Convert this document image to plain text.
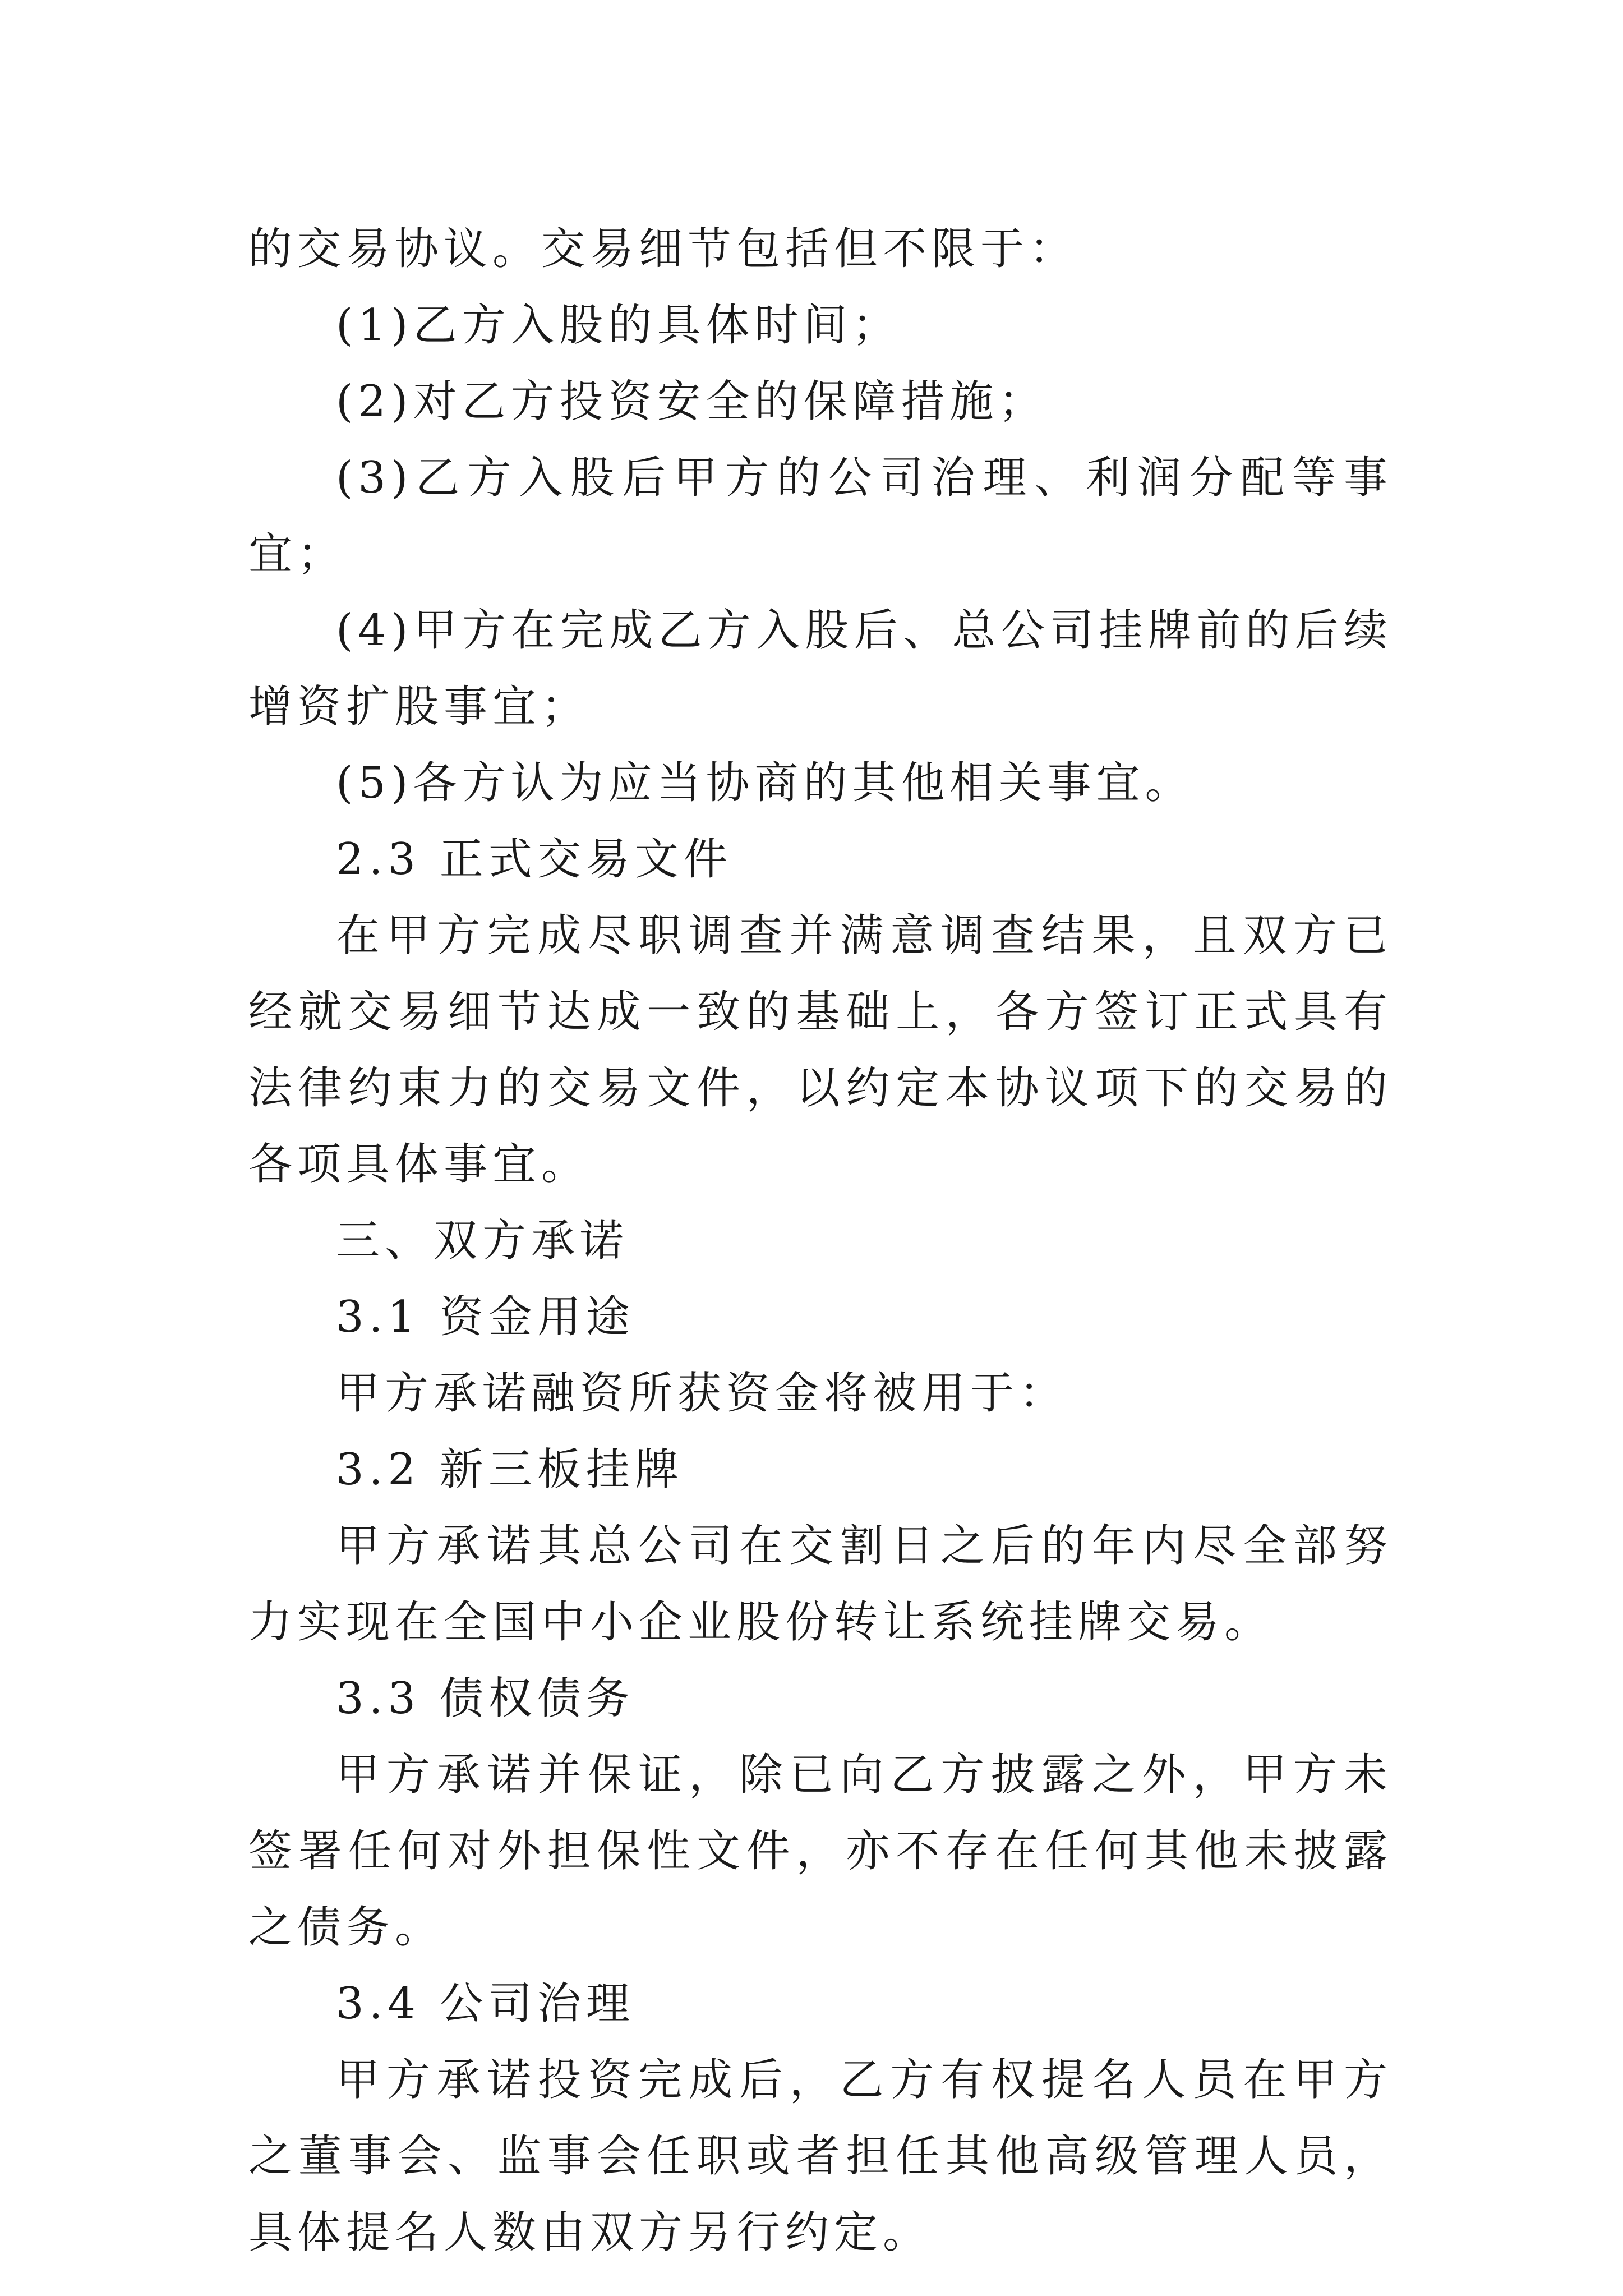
的交易协议。交易细节包括但不限于：

(1)乙方入股的具体时间；

(2)对乙方投资安全的保障措施；

(3)乙方入股后甲方的公司治理、利润分配等事宜；

(4)甲方在完成乙方入股后、总公司挂牌前的后续增资扩股事宜；

(5)各方认为应当协商的其他相关事宜。

2.3 正式交易文件

在甲方完成尽职调查并满意调查结果，且双方已经就交易细节达成一致的基础上，各方签订正式具有法律约束力的交易文件，以约定本协议项下的交易的各项具体事宜。

三、双方承诺

3.1 资金用途

甲方承诺融资所获资金将被用于：

3.2 新三板挂牌

甲方承诺其总公司在交割日之后的年内尽全部努力实现在全国中小企业股份转让系统挂牌交易。

3.3 债权债务

甲方承诺并保证，除已向乙方披露之外，甲方未签署任何对外担保性文件，亦不存在任何其他未披露之债务。

3.4 公司治理

甲方承诺投资完成后，乙方有权提名人员在甲方之董事会、监事会任职或者担任其他高级管理人员，具体提名人数由双方另行约定。
